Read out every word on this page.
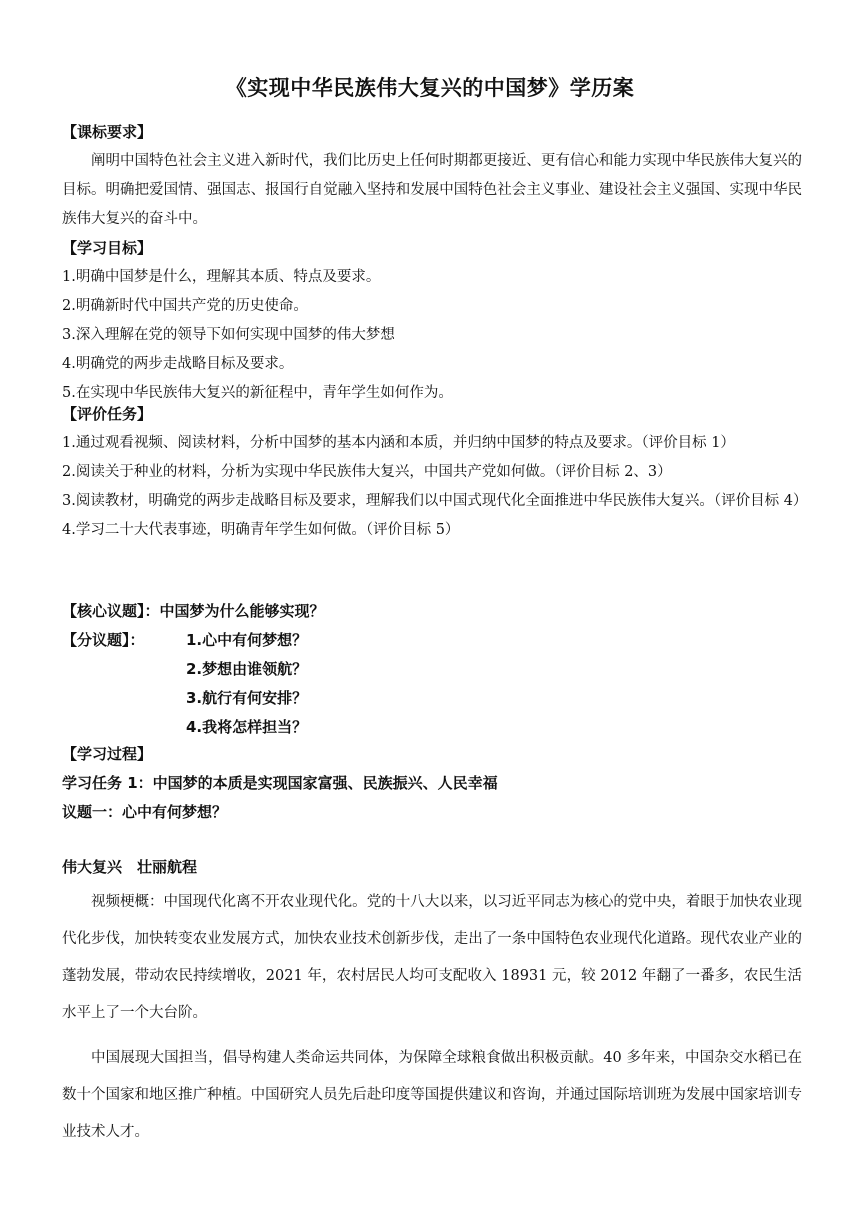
《实现中华民族伟大复兴的中国梦》学历案
【课标要求】
阐明中国特色社会主义进入新时代，我们比历史上任何时期都更接近、更有信心和能力实现中华民族伟大复兴的目标。明确把爱国情、强国志、报国行自觉融入坚持和发展中国特色社会主义事业、建设社会主义强国、实现中华民族伟大复兴的奋斗中。
【学习目标】
1.明确中国梦是什么，理解其本质、特点及要求。
2.明确新时代中国共产党的历史使命。
3.深入理解在党的领导下如何实现中国梦的伟大梦想
4.明确党的两步走战略目标及要求。
5.在实现中华民族伟大复兴的新征程中，青年学生如何作为。
【评价任务】
1.通过观看视频、阅读材料，分析中国梦的基本内涵和本质，并归纳中国梦的特点及要求。（评价目标 1）
2.阅读关于种业的材料，分析为实现中华民族伟大复兴，中国共产党如何做。（评价目标 2、3）
3.阅读教材，明确党的两步走战略目标及要求，理解我们以中国式现代化全面推进中华民族伟大复兴。（评价目标 4）
4.学习二十大代表事迹，明确青年学生如何做。（评价目标 5）
【核心议题】：中国梦为什么能够实现？
【分议题】：	1.心中有何梦想？
2.梦想由谁领航？
3.航行有何安排？
4.我将怎样担当？
【学习过程】
学习任务 1：中国梦的本质是实现国家富强、民族振兴、人民幸福
议题一：心中有何梦想？
伟大复兴　壮丽航程
视频梗概：中国现代化离不开农业现代化。党的十八大以来，以习近平同志为核心的党中央，着眼于加快农业现代化步伐，加快转变农业发展方式，加快农业技术创新步伐，走出了一条中国特色农业现代化道路。现代农业产业的蓬勃发展，带动农民持续增收，2021 年，农村居民人均可支配收入 18931 元，较 2012 年翻了一番多，农民生活水平上了一个大台阶。
中国展现大国担当，倡导构建人类命运共同体，为保障全球粮食做出积极贡献。40 多年来，中国杂交水稻已在数十个国家和地区推广种植。中国研究人员先后赴印度等国提供建议和咨询，并通过国际培训班为发展中国家培训专业技术人才。
